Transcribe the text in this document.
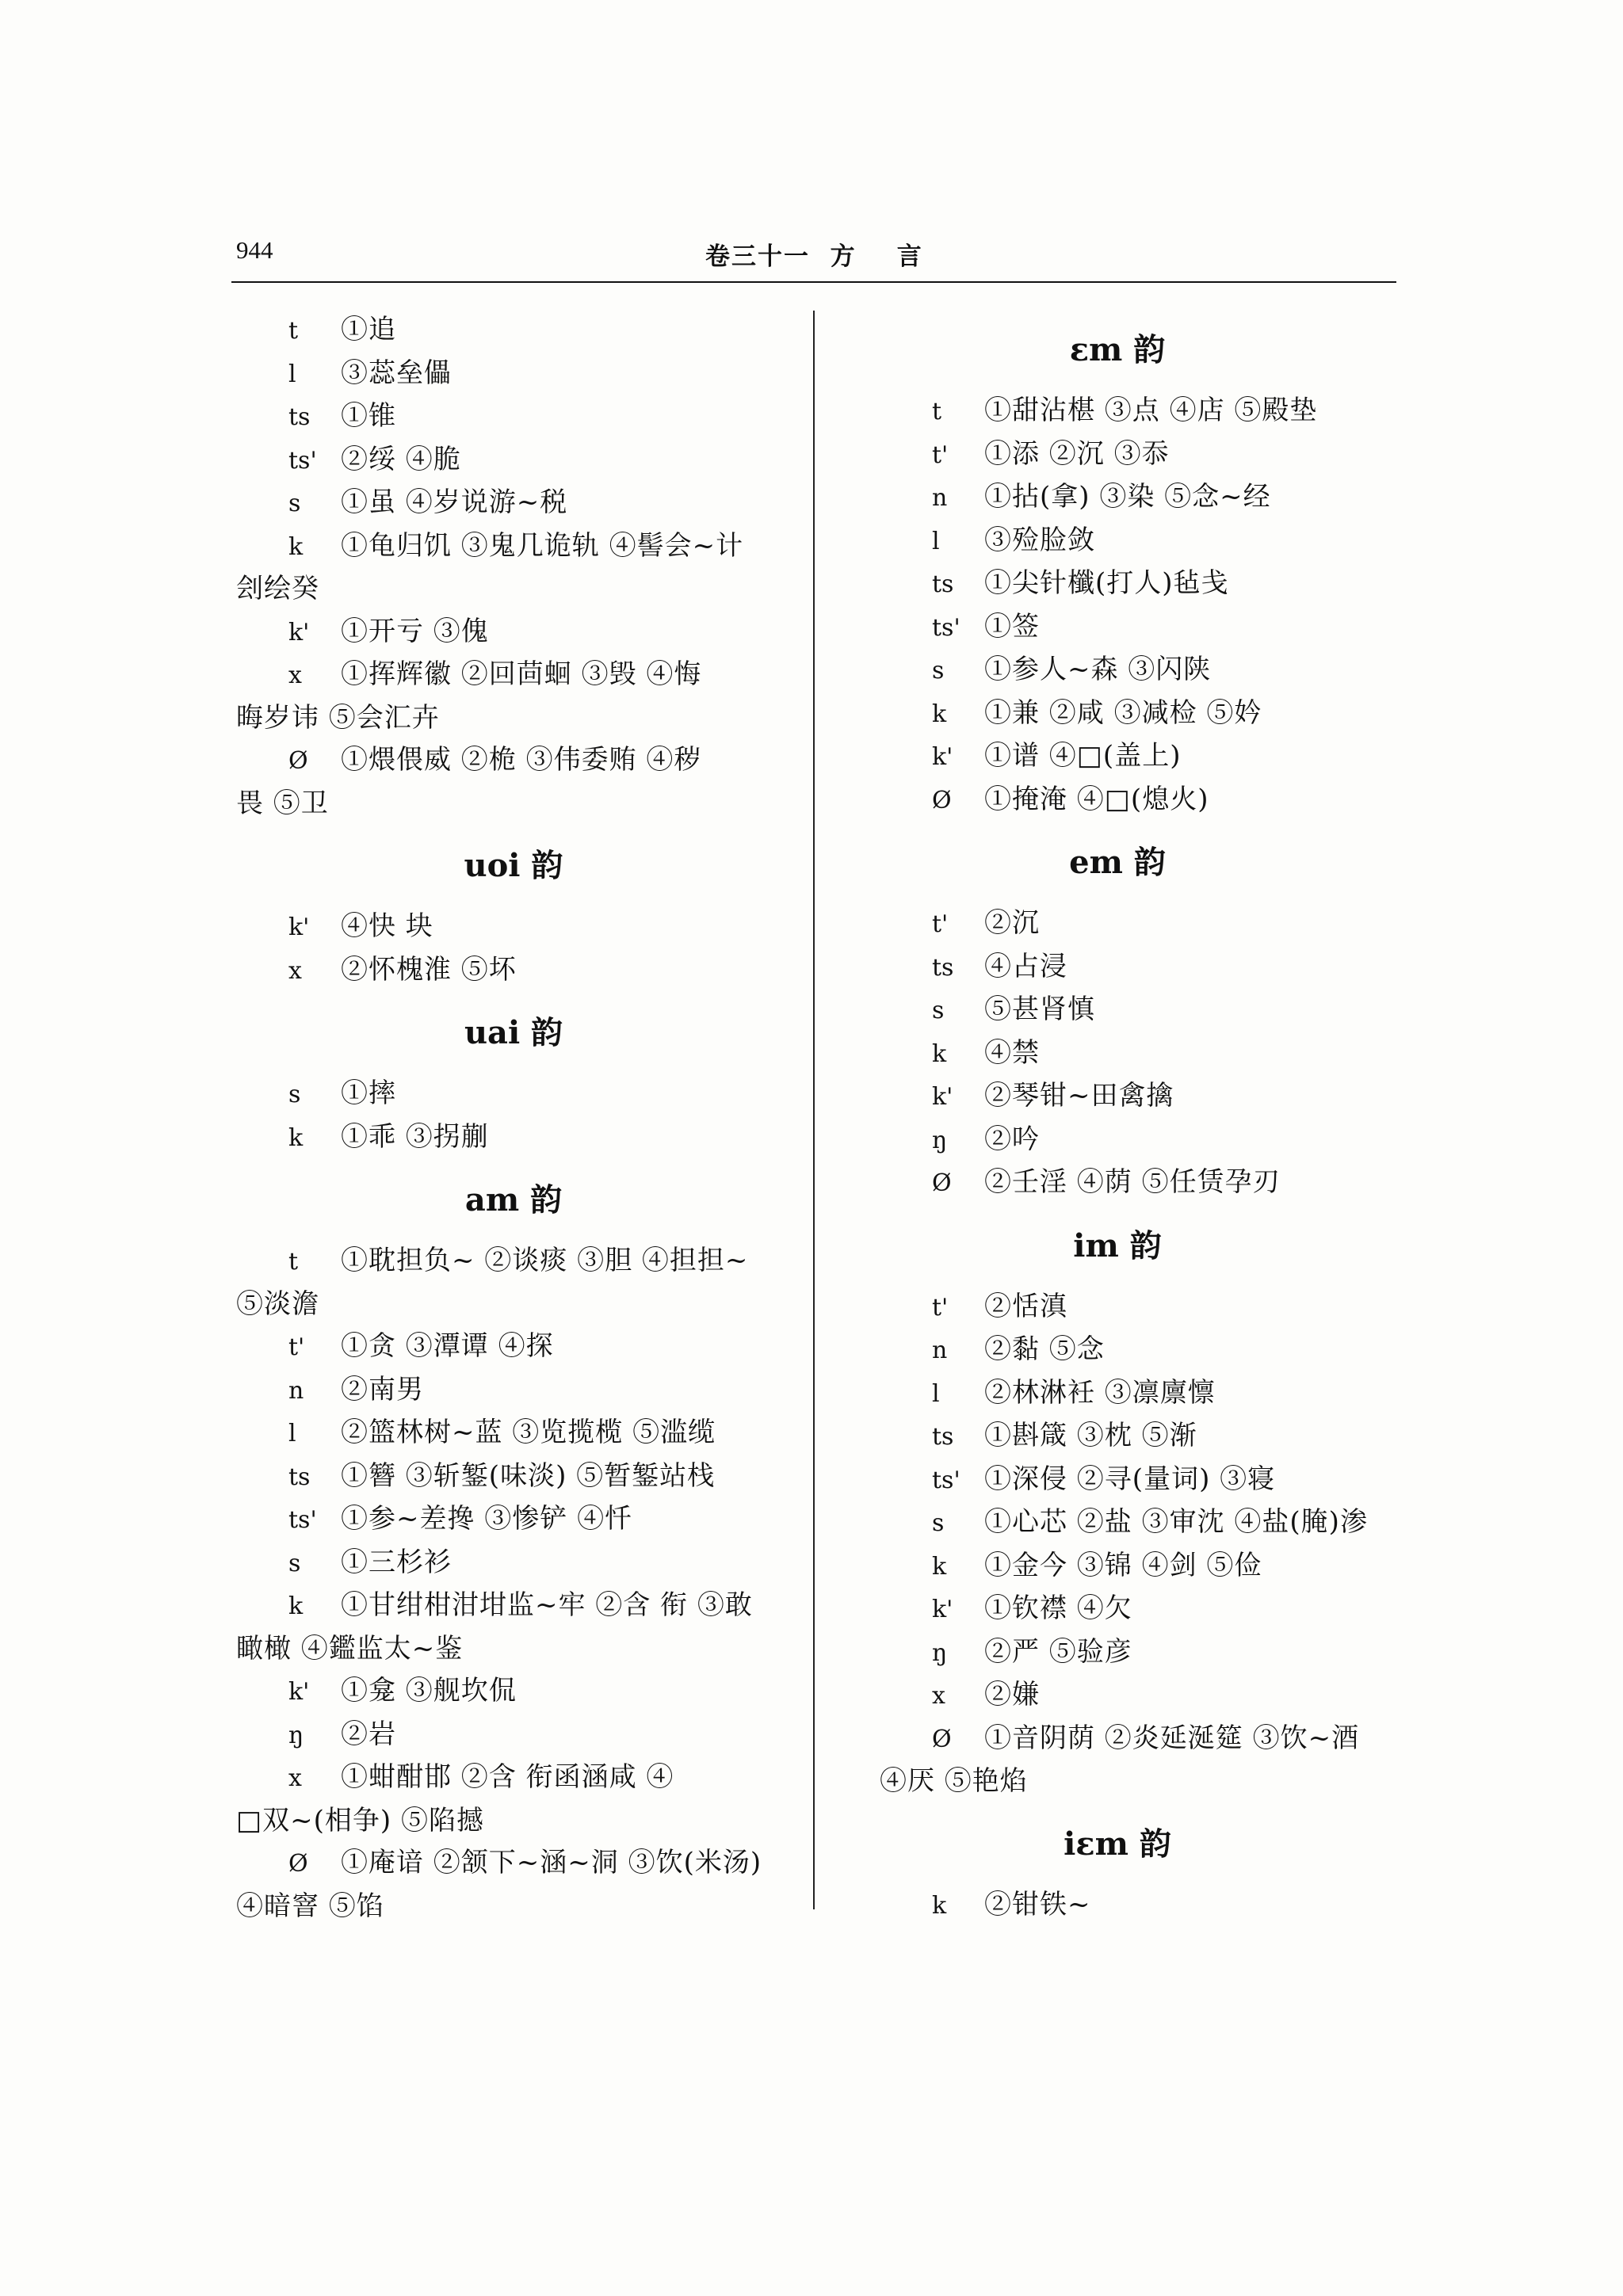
944	卷三十一  方    言
t ①追
l ③蕊垒儡
ts ①锥
ts' ②绥 ④脆
s ①虽 ④岁说游~税
k ①龟归饥 ③鬼几诡轨 ④髻会~计
刽绘癸
k' ①开亏 ③傀
x ①挥辉徽 ②回茴蛔 ③毁 ④悔
晦岁讳 ⑤会汇卉
Ø ①煨偎威 ②桅 ③伟委贿 ④秽
畏 ⑤卫
uoi 韵
k' ④快 块
x ②怀槐淮 ⑤坏
uai 韵
s ①摔
k ①乖 ③拐蒯
am 韵
t ①耽担负~ ②谈痰 ③胆 ④担担~
⑤淡澹
t' ①贪 ③潭谭 ④探
n ②南男
l ②篮林树~蓝 ③览揽榄 ⑤滥缆
ts ①簪 ③斩錾(味淡) ⑤暂錾站栈
ts' ①参~差搀 ③惨铲 ④忏
s ①三杉衫
k ①甘绀柑泔坩监~牢 ②含 衔 ③敢
瞰橄 ④鑑监太~鉴
k' ①龛 ③舰坎侃
ŋ ②岩
x ①蚶酣邯 ②含 衔函涵咸 ④
□双~(相争) ⑤陷撼
Ø ①庵谙 ②颔下~涵~洞 ③饮(米汤)
④暗窨 ⑤馅
ɛm 韵
t ①甜沾椹 ③点 ④店 ⑤殿垫
t' ①添 ②沉 ③忝
n ①拈(拿) ③染 ⑤念~经
l ③殓脸敛
ts ①尖针櫼(打人)毡戋
ts' ①签
s ①参人~森 ③闪陕
k ①兼 ②咸 ③减检 ⑤妗
k' ①谱 ④□(盖上)
Ø ①掩淹 ④□(熄火)
em 韵
t' ②沉
ts ④占浸
s ⑤甚肾慎
k ④禁
k' ②琴钳~田禽擒
ŋ ②吟
Ø ②壬淫 ④荫 ⑤任赁孕刃
im 韵
t' ②恬滇
n ②黏 ⑤念
l ②林淋衽 ③凛廪懔
ts ①斟箴 ③枕 ⑤渐
ts' ①深侵 ②寻(量词) ③寝
s ①心芯 ②盐 ③审沈 ④盐(腌)渗
k ①金今 ③锦 ④剑 ⑤俭
k' ①钦襟 ④欠
ŋ ②严 ⑤验彦
x ②嫌
Ø ①音阴荫 ②炎延涎筵 ③饮~酒
④厌 ⑤艳焰
iɛm 韵
k ②钳铁~
